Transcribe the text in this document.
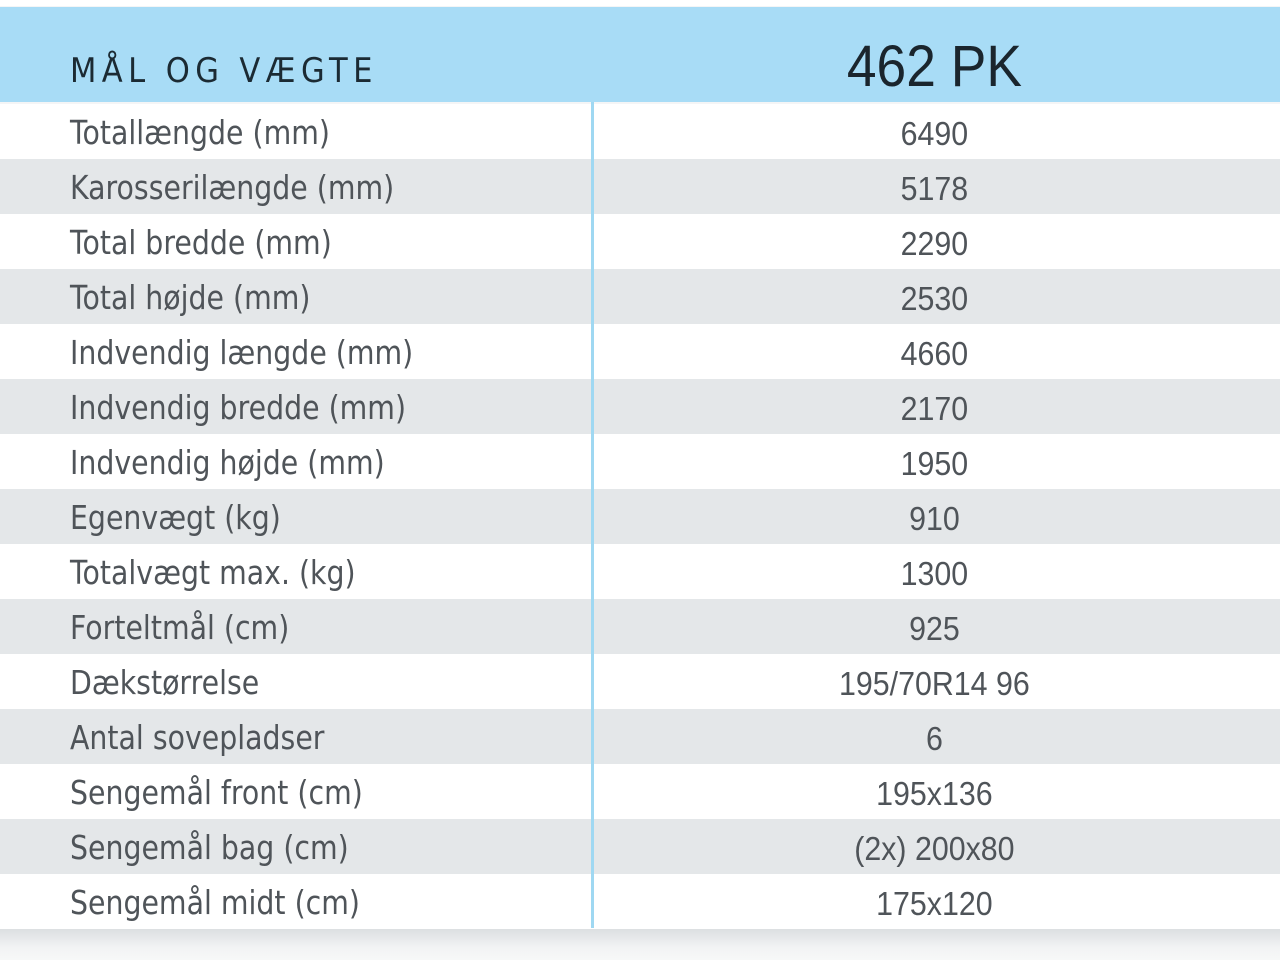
MÅL OG VÆGTE	462 PK
Totallængde (mm)	6490
Karosserilængde (mm)	5178
Total bredde (mm)	2290
Total højde (mm)	2530
Indvendig længde (mm)	4660
Indvendig bredde (mm)	2170
Indvendig højde (mm)	1950
Egenvægt (kg)	910
Totalvægt max. (kg)	1300
Forteltmål (cm)	925
Dækstørrelse	195/70R14 96
Antal sovepladser	6
Sengemål front (cm)	195x136
Sengemål bag (cm)	(2x) 200x80
Sengemål midt (cm)	175x120
